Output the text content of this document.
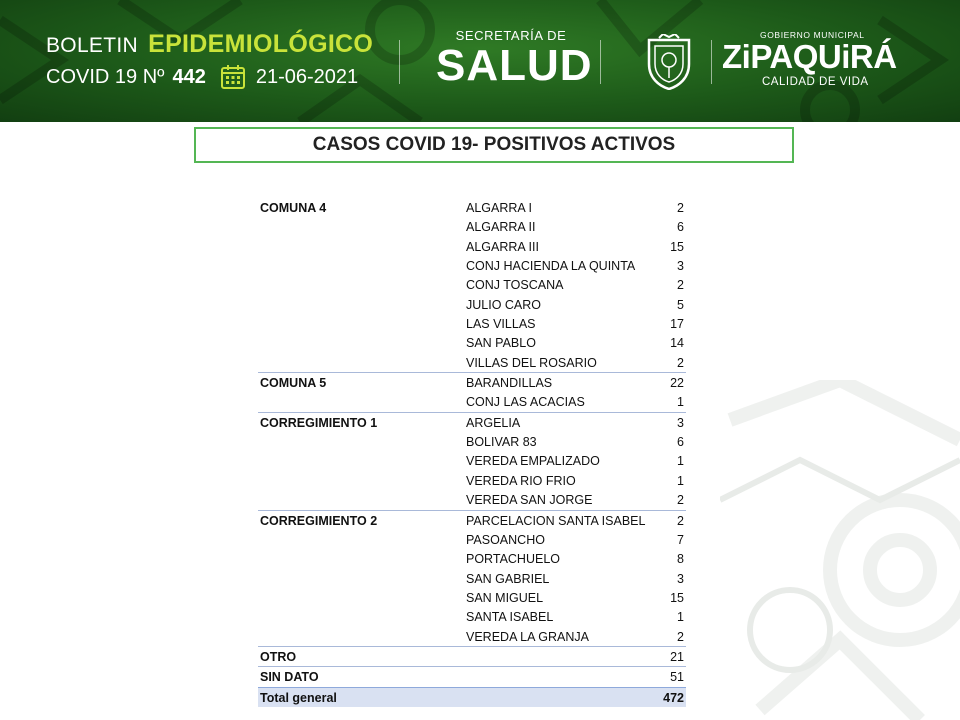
BOLETIN EPIDEMIOLÓGICO
COVID 19 Nº 442	21-06-2021
SECRETARÍA DE
SALUD
GOBIERNO MUNICIPAL
ZiPAQUiRÁ
CALIDAD DE VIDA
CASOS COVID 19- POSITIVOS ACTIVOS
COMUNA 4	ALGARRA I	2
ALGARRA II	6
ALGARRA III	15
CONJ HACIENDA LA QUINTA	3
CONJ TOSCANA	2
JULIO CARO	5
LAS VILLAS	17
SAN PABLO	14
VILLAS DEL ROSARIO	2
COMUNA 5	BARANDILLAS	22
CONJ LAS ACACIAS	1
CORREGIMIENTO 1	ARGELIA	3
BOLIVAR 83	6
VEREDA EMPALIZADO	1
VEREDA RIO FRIO	1
VEREDA SAN JORGE	2
CORREGIMIENTO 2	PARCELACION SANTA ISABEL	2
PASOANCHO	7
PORTACHUELO	8
SAN GABRIEL	3
SAN MIGUEL	15
SANTA ISABEL	1
VEREDA LA GRANJA	2
OTRO	21
SIN DATO	51
Total general	472
